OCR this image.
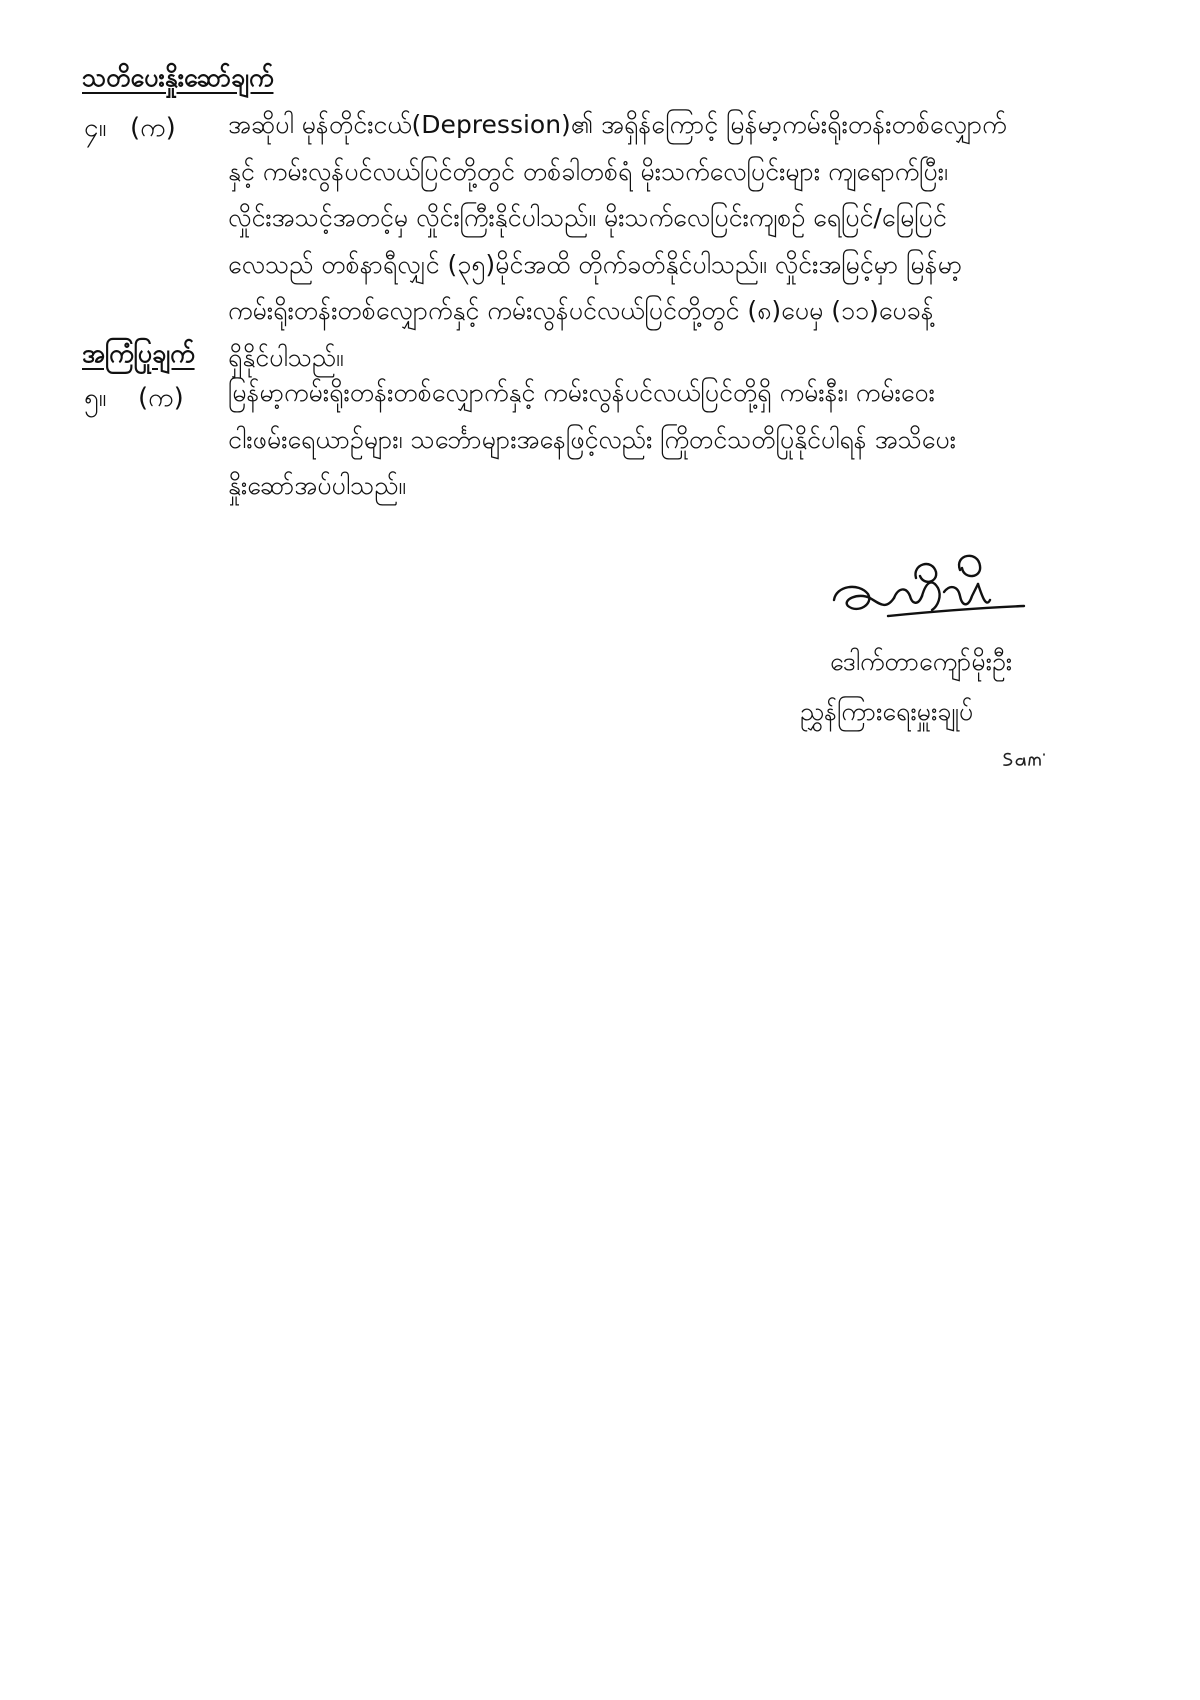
သတိပေးနှိုးဆော်ချက်
၄။ (က) အဆိုပါ မုန်တိုင်းငယ်(Depression)၏ အရှိန်ကြောင့် မြန်မာ့ကမ်းရိုးတန်းတစ်လျှောက်
နှင့် ကမ်းလွန်ပင်လယ်ပြင်တို့တွင် တစ်ခါတစ်ရံ မိုးသက်လေပြင်းများ ကျရောက်ပြီး၊
လှိုင်းအသင့်အတင့်မှ လှိုင်းကြီးနိုင်ပါသည်။ မိုးသက်လေပြင်းကျစဉ် ရေပြင်/မြေပြင်
လေသည် တစ်နာရီလျှင် (၃၅)မိုင်အထိ တိုက်ခတ်နိုင်ပါသည်။ လှိုင်းအမြင့်မှာ မြန်မာ့
ကမ်းရိုးတန်းတစ်လျှောက်နှင့် ကမ်းလွန်ပင်လယ်ပြင်တို့တွင် (၈)ပေမှ (၁၁)ပေခန့်
ရှိနိုင်ပါသည်။
အကြံပြုချက်
၅။ (က) မြန်မာ့ကမ်းရိုးတန်းတစ်လျှောက်နှင့် ကမ်းလွန်ပင်လယ်ပြင်တို့ရှိ ကမ်းနီး၊ ကမ်းဝေး
ငါးဖမ်းရေယာဉ်များ၊ သင်္ဘောများအနေဖြင့်လည်း ကြိုတင်သတိပြုနိုင်ပါရန် အသိပေး
နှိုးဆော်အပ်ပါသည်။
ဒေါက်တာကျော်မိုးဦး
ညွှန်ကြားရေးမှူးချုပ်
